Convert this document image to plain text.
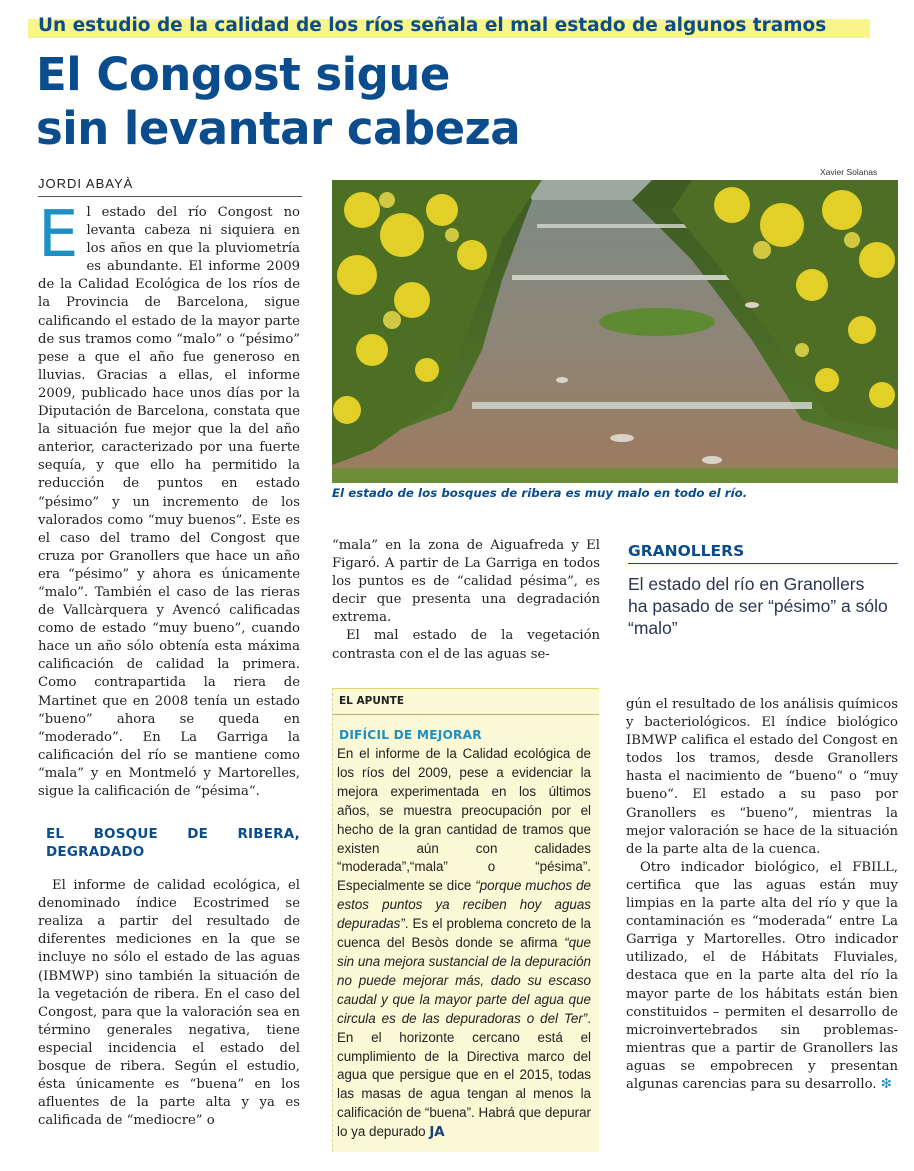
Un estudio de la calidad de los ríos señala el mal estado de algunos tramos
El Congost sigue
sin levantar cabeza
JORDI ABAYÀ
E l estado del río Congost no levanta cabeza ni siquiera en los años en que la pluviometría es abundante. El informe 2009 de la Calidad Ecológica de los ríos de la Provincia de Barcelona, sigue calificando el estado de la mayor parte de sus tramos como “malo” o “pésimo” pese a que el año fue generoso en lluvias. Gracias a ellas, el informe 2009, publicado hace unos días por la Diputación de Barcelona, constata que la situación fue mejor que la del año anterior, caracterizado por una fuerte sequía, y que ello ha permitido la reducción de puntos en estado “pésimo” y un incremento de los valorados como “muy buenos”. Este es el caso del tramo del Congost que cruza por Granollers que hace un año era “pésimo” y ahora es únicamente “malo”. También el caso de las rieras de Vallcàrquera y Avencó calificadas como de estado “muy bueno”, cuando hace un año sólo obtenía esta máxima calificación de calidad la primera. Como contrapartida la riera de Martinet que en 2008 tenía un estado “bueno” ahora se queda en “moderado”. En La Garriga la calificación del río se mantiene como “mala” y en Montmeló y Martorelles, sigue la calificación de “pésima“.

EL BOSQUE DE RIBERA, DEGRADADO

El informe de calidad ecológica, el denominado índice Ecostrimed se realiza a partir del resultado de diferentes mediciones en la que se incluye no sólo el estado de las aguas (IBMWP) sino también la situación de la vegetación de ribera. En el caso del Congost, para que la valoración sea en término generales negativa, tiene especial incidencia el estado del bosque de ribera. Según el estudio, ésta únicamente es “buena” en los afluentes de la parte alta y ya es calificada de “mediocre” o

Xavier Solanas
El estado de los bosques de ribera es muy malo en todo el río.

“mala” en la zona de Aiguafreda y El Figaró. A partir de La Garriga en todos los puntos es de “calidad pésima”, es decir que presenta una degradación extrema.

El mal estado de la vegetación contrasta con el de las aguas se-

EL APUNTE
DIFÍCIL DE MEJORAR
En el informe de la Calidad ecológica de los ríos del 2009, pese a evidenciar la mejora experimentada en los últimos años, se muestra preocupación por el hecho de la gran cantidad de tramos que existen aún con calidades “moderada”,“mala” o “pésima”. Especialmente se dice “porque muchos de estos puntos ya reciben hoy aguas depuradas”. Es el problema concreto de la cuenca del Besòs donde se afirma “que sin una mejora sustancial de la depuración no puede mejorar más, dado su escaso caudal y que la mayor parte del agua que circula es de las depuradoras o del Ter”. En el horizonte cercano está el cumplimiento de la Directiva marco del agua que persigue que en el 2015, todas las masas de agua tengan al menos la calificación de “buena”. Habrá que depurar lo ya depurado JA
GRANOLLERS
El estado del río en Granollers ha pasado de ser “pésimo” a sólo “malo”

gún el resultado de los análisis químicos y bacteriológicos. El índice biológico IBMWP califica el estado del Congost en todos los tramos, desde Granollers hasta el nacimiento de “bueno“ o “muy bueno“. El estado a su paso por Granollers es “bueno”, mientras la mejor valoración se hace de la situación de la parte alta de la cuenca.

Otro indicador biológico, el FBILL, certifica que las aguas están muy limpias en la parte alta del río y que la contaminación es “moderada“ entre La Garriga y Martorelles. Otro indicador utilizado, el de Hábitats Fluviales, destaca que en la parte alta del río la mayor parte de los hábitats están bien constituidos – permiten el desarrollo de microinvertebrados sin problemas- mientras que a partir de Granollers las aguas se empobrecen y presentan algunas carencias para su desarrollo. ❇
